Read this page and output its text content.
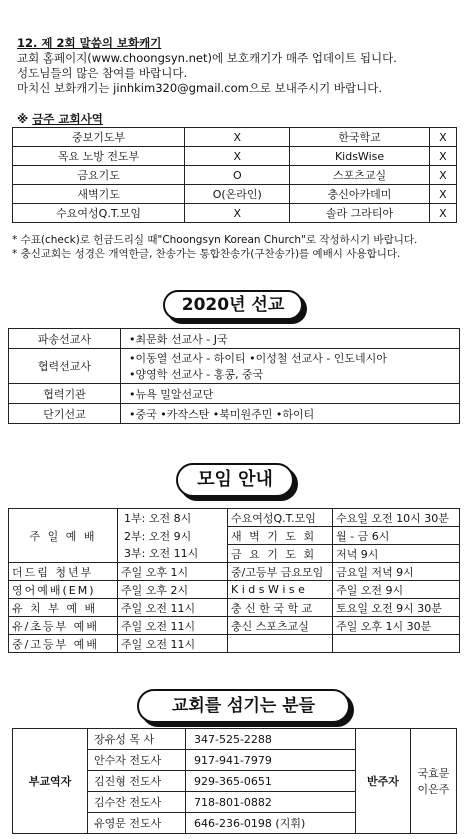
12. 제 2회 말씀의 보화캐기
교회 홈페이지(www.choongsyn.net)에 보호캐기가 매주 업데이트 됩니다.
성도님들의 많은 참여를 바랍니다.
마치신 보화캐기는 jinhkim320@gmail.com으로 보내주시기 바랍니다.
※ 금주 교회사역
중보기도부	X	한국학교	X
목요 노방 전도부	X	KidsWise	X
금요기도	O	스포츠교실	X
새벽기도	O(온라인)	충신아카데미	X
수요여성Q.T.모임	X	솔라 그라티아	X
* 수표(check)로 헌금드리실 때"Choongsyn Korean Church"로 작성하시기 바랍니다.
* 충신교회는 성경은 개역한글, 찬송가는 통합찬송가(구찬송가)를 예배시 사용합니다.
2020년 선교
파송선교사	•최문화 선교사 - J국
협력선교사	•이동열 선교사 - 하이티 •이성철 선교사 - 인도네시아
•양영학 선교사 - 홍콩, 중국

협력기관	•뉴욕 밀알선교단
단기선교	•중국 •카작스탄 •북미원주민 •하이티
모임 안내
주 일 예 배	1부: 오전 8시	수요여성Q.T.모임	수요일 오전 10시 30분
	2부: 오전 9시	새 벽 기 도 회	월 - 금 6시
	3부: 오전 11시	금 요 기 도 회	저녁 9시
더드림 청년부	주일 오후 1시	중/고등부 금요모임	금요일 저녁 9시
영어예배(EM)	주일 오후 2시	K i d s W i s e	주일 오전 9시
유 치 부 예 배	주일 오전 11시	충 신 한 국 학 교	토요일 오전 9시 30분
유/초등부 예배	주일 오전 11시	충신 스포츠교실	주일 오후 1시 30분
중/고등부 예배	주일 오전 11시		
교회를 섬기는 분들
부교역자	장유성 목 사	347-525-2288	반주자	국효문
이은주

	안수자 전도사	917-941-7979		
	김진형 전도사	929-365-0651		
	김수잔 전도사	718-801-0882		
	유영문 전도사	646-236-0198 (지휘)		
